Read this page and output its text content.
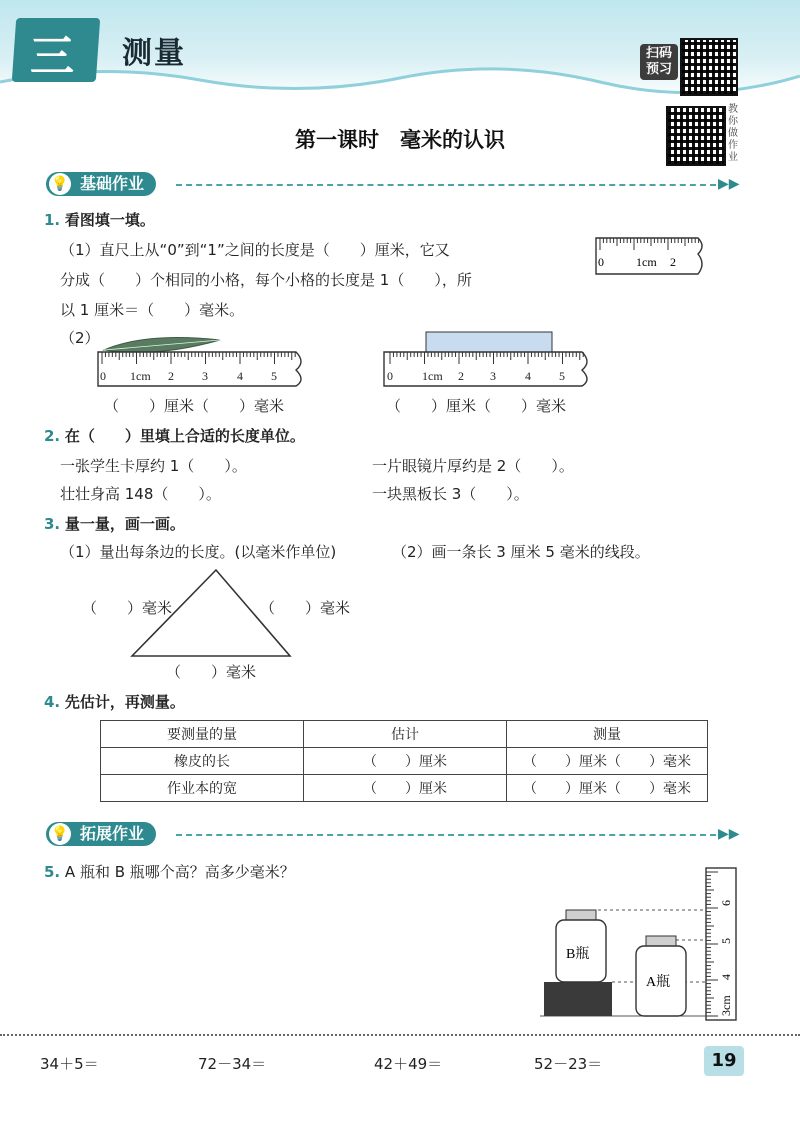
三 测量	扫码
预习
第一课时　毫米的认识
教你做作业
基础作业
💡	▶▶
1. 看图填一填。
（1）直尺上从“0”到“1”之间的长度是（　　）厘米，它又
分成（　　）个相同的小格，每个小格的长度是 1（　　），所
以 1 厘米＝（　　）毫米。
0	1cm 2
（2）
0 1cm 2 3 4 5	0 1cm 2 3 4 5
（　　）厘米（　　）毫米	（　　）厘米（　　）毫米
2. 在（　　）里填上合适的长度单位。
一张学生卡厚约 1（　　）。	一片眼镜片厚约是 2（　　）。
壮壮身高 148（　　）。	一块黑板长 3（　　）。
3. 量一量，画一画。
（1）量出每条边的长度。(以毫米作单位)	（2）画一条长 3 厘米 5 毫米的线段。
（　　）毫米	（　　）毫米
（　　）毫米
4. 先估计，再测量。
要测量的量	估计	测量
橡皮的长	（　　）厘米	（　　）厘米（　　）毫米
作业本的宽	（　　）厘米	（　　）厘米（　　）毫米
拓展作业
💡	▶▶
5. A 瓶和 B 瓶哪个高？高多少毫米？
3cm
4
5
6
B瓶
A瓶
34＋5＝	72－34＝	42＋49＝	52－23＝	19
